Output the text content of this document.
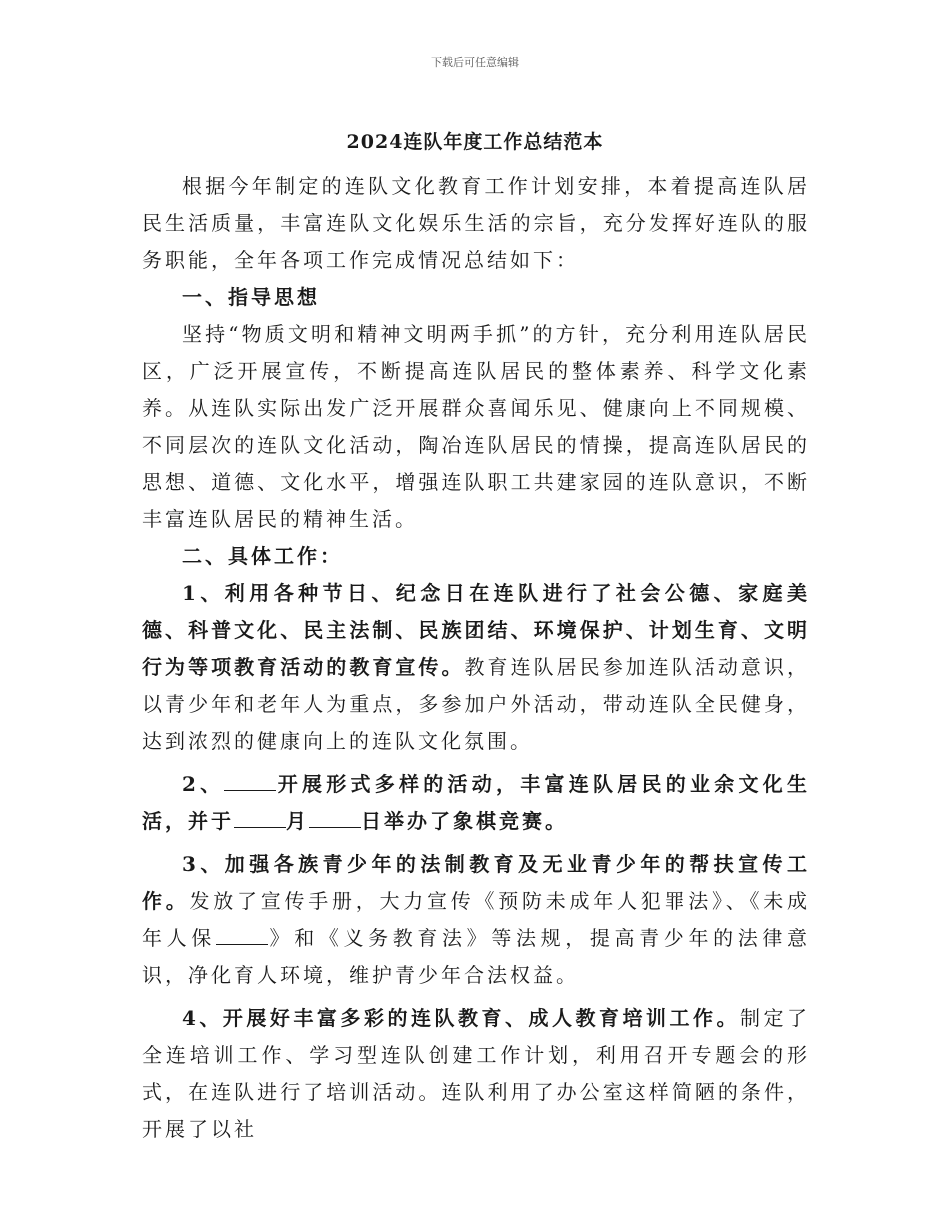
下载后可任意编辑
2024连队年度工作总结范本

根据今年制定的连队文化教育工作计划安排，本着提高连队居民生活质量，丰富连队文化娱乐生活的宗旨，充分发挥好连队的服务职能，全年各项工作完成情况总结如下：

一、指导思想

坚持“物质文明和精神文明两手抓”的方针，充分利用连队居民区，广泛开展宣传，不断提高连队居民的整体素养、科学文化素养。从连队实际出发广泛开展群众喜闻乐见、健康向上不同规模、不同层次的连队文化活动，陶冶连队居民的情操，提高连队居民的思想、道德、文化水平，增强连队职工共建家园的连队意识，不断丰富连队居民的精神生活。

二、具体工作：

1、利用各种节日、纪念日在连队进行了社会公德、家庭美德、科普文化、民主法制、民族团结、环境保护、计划生育、文明行为等项教育活动的教育宣传。教育连队居民参加连队活动意识，以青少年和老年人为重点，多参加户外活动，带动连队全民健身，达到浓烈的健康向上的连队文化氛围。

2、	开展形式多样的活动，丰富连队居民的业余文化生活，并于	月	日举办了象棋竞赛。

3、加强各族青少年的法制教育及无业青少年的帮扶宣传工作。发放了宣传手册，大力宣传《预防未成年人犯罪法》、《未成年人保	》和《义务教育法》等法规，提高青少年的法律意识，净化育人环境，维护青少年合法权益。

4、开展好丰富多彩的连队教育、成人教育培训工作。制定了全连培训工作、学习型连队创建工作计划，利用召开专题会的形式，在连队进行了培训活动。连队利用了办公室这样简陋的条件，开展了以社
